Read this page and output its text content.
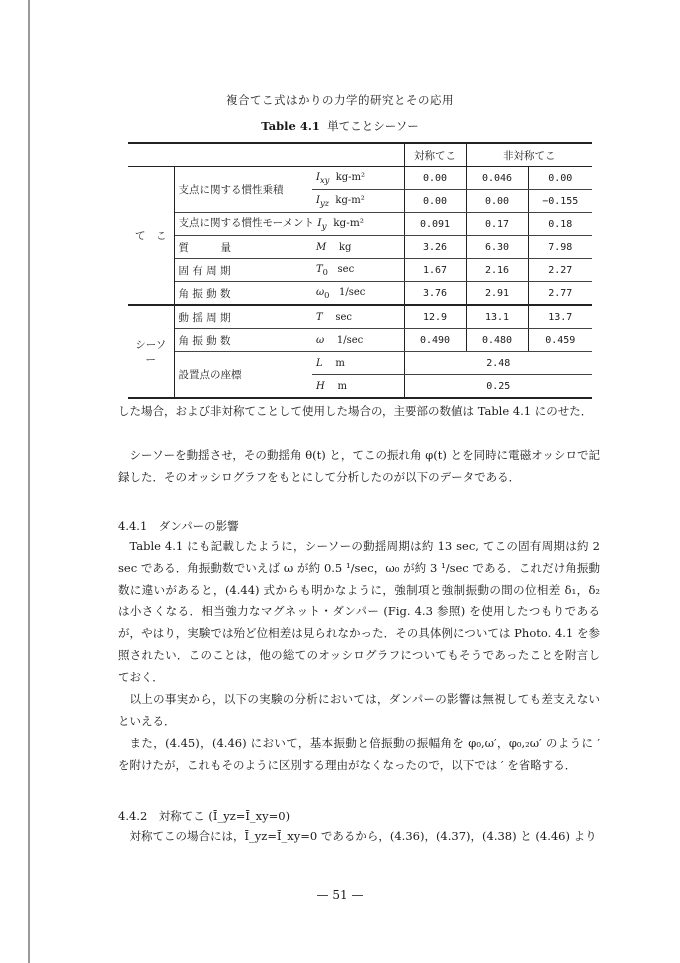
複合てこ式はかりの力学的研究とその応用
Table 4.1 単てことシーソー
			対称てこ	非対称てこ	
て　こ	支点に関する慣性乗積	$I_{xy}$  kg-m²	0.00	0.046	0.00
		$I_{yz}$  kg-m²	0.00	0.00	−0.155
	支点に関する慣性モーメント $I_y$  kg-m²		0.091	0.17	0.18
	質　　　量	M    kg	3.26	6.30	7.98
	固 有 周 期	$T_0$   sec	1.67	2.16	2.27
	角 振 動 数	$\omega_0$   1/sec	3.76	2.91	2.77
シーソー	動 揺 周 期	T    sec	12.9	13.1	13.7
	角 振 動 数	ω    1/sec	0.490	0.480	0.459
	設置点の座標	L    m	2.48		
		H    m	0.25		
した場合，および非対称てことして使用した場合の，主要部の数値は Table 4.1 にのせた．
シーソーを動揺させ，その動揺角 θ(t) と，てこの振れ角 φ(t) とを同時に電磁オッシロで記録した．そのオッシログラフをもとにして分析したのが以下のデータである．
4.4.1　ダンパーの影響
Table 4.1 にも記載したように，シーソーの動揺周期は約 13 sec, てこの固有周期は約 2 sec である．角振動数でいえば ω が約 0.5 ¹/sec，ω₀ が約 3 ¹/sec である．これだけ角振動数に違いがあると，(4.44) 式からも明かなように，強制項と強制振動の間の位相差 δ₁，δ₂ は小さくなる．相当強力なマグネット・ダンパー (Fig. 4.3 参照) を使用したつもりであるが，やはり，実験では殆ど位相差は見られなかった．その具体例については Photo. 4.1 を参照されたい．このことは，他の総てのオッシログラフについてもそうであったことを附言しておく．
以上の事実から，以下の実験の分析においては，ダンパーの影響は無視しても差支えないといえる．
また，(4.45)，(4.46) において，基本振動と倍振動の振幅角を φ₀,ω′，φ₀,₂ω′ のように ′ を附けたが，これもそのように区別する理由がなくなったので，以下では ′ を省略する．
4.4.2　対称てこ (Ī_yz=Ī_xy=0)
対称てこの場合には，Ī_yz=Ī_xy=0 であるから，(4.36)，(4.37)，(4.38) と (4.46) より
— 51 —
